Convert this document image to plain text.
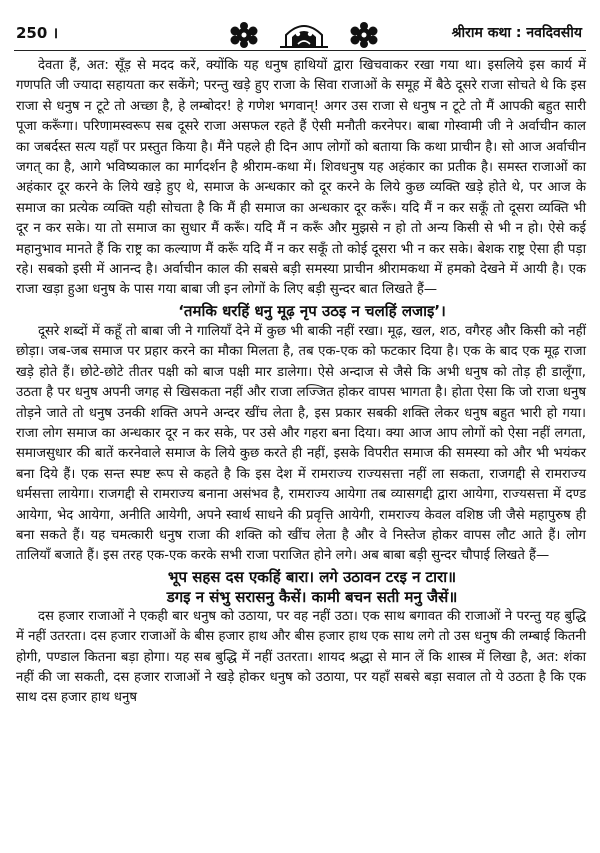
250 ।	श्रीराम कथा : नवदिवसीय

देवता हैं, अत: सूँड़ से मदद करें, क्योंकि यह धनुष हाथियों द्वारा खिचवाकर रखा गया था। इसलिये इस कार्य में गणपति जी ज्यादा सहायता कर सकेंगे; परन्तु खड़े हुए राजा के सिवा राजाओं के समूह में बैठे दूसरे राजा सोचते थे कि इस राजा से धनुष न टूटे तो अच्छा है, हे लम्बोदर! हे गणेश भगवान्! अगर उस राजा से धनुष न टूटे तो मैं आपकी बहुत सारी पूजा करूँगा। परिणामस्वरूप सब दूसरे राजा असफल रहते हैं ऐसी मनौती करनेपर। बाबा गोस्वामी जी ने अर्वाचीन काल का जबर्दस्त सत्य यहाँ पर प्रस्तुत किया है। मैंने पहले ही दिन आप लोगों को बताया कि कथा प्राचीन है। सो आज अर्वाचीन जगत् का है, आगे भविष्यकाल का मार्गदर्शन है श्रीराम-कथा में। शिवधनुष यह अहंकार का प्रतीक है। समस्त राजाओं का अहंकार दूर करने के लिये खड़े हुए थे, समाज के अन्धकार को दूर करने के लिये कुछ व्यक्ति खड़े होते थे, पर आज के समाज का प्रत्येक व्यक्ति यही सोचता है कि मैं ही समाज का अन्धकार दूर करूँ। यदि मैं न कर सकूँ तो दूसरा व्यक्ति भी दूर न कर सके। या तो समाज का सुधार मैं करूँ। यदि मैं न करूँ और मुझसे न हो तो अन्य किसी से भी न हो। ऐसे कई महानुभाव मानते हैं कि राष्ट्र का कल्याण मैं करूँ यदि मैं न कर सकूँ तो कोई दूसरा भी न कर सके। बेशक राष्ट्र ऐसा ही पड़ा रहे। सबको इसी में आनन्द है। अर्वाचीन काल की सबसे बड़ी समस्या प्राचीन श्रीरामकथा में हमको देखने में आयी है। एक राजा खड़ा हुआ धनुष के पास गया बाबा जी इन लोगों के लिए बड़ी सुन्दर बात लिखते हैं—

‘तमकि धरहिं धनु मूढ़ नृप उठइ न चलहिं लजाइ’।

दूसरे शब्दों में कहूँ तो बाबा जी ने गालियाँ देने में कुछ भी बाकी नहीं रखा। मूढ़, खल, शठ, वगैरह और किसी को नहीं छोड़ा। जब-जब समाज पर प्रहार करने का मौका मिलता है, तब एक-एक को फटकार दिया है। एक के बाद एक मूढ़ राजा खड़े होते हैं। छोटे-छोटे तीतर पक्षी को बाज पक्षी मार डालेगा। ऐसे अन्दाज से जैसे कि अभी धनुष को तोड़ ही डालूँगा, उठता है पर धनुष अपनी जगह से खिसकता नहीं और राजा लज्जित होकर वापस भागता है। होता ऐसा कि जो राजा धनुष तोड़ने जाते तो धनुष उनकी शक्ति अपने अन्दर खींच लेता है, इस प्रकार सबकी शक्ति लेकर धनुष बहुत भारी हो गया। राजा लोग समाज का अन्धकार दूर न कर सके, पर उसे और गहरा बना दिया। क्या आज आप लोगों को ऐसा नहीं लगता, समाजसुधार की बातें करनेवाले समाज के लिये कुछ करते ही नहीं, इसके विपरीत समाज की समस्या को और भी भयंकर बना दिये हैं। एक सन्त स्पष्ट रूप से कहते है कि इस देश में रामराज्य राज्यसत्ता नहीं ला सकता, राजगद्दी से रामराज्य धर्मसत्ता लायेगा। राजगद्दी से रामराज्य बनाना असंभव है, रामराज्य आयेगा तब व्यासगद्दी द्वारा आयेगा, राज्यसत्ता में दण्ड आयेगा, भेद आयेगा, अनीति आयेगी, अपने स्वार्थ साधने की प्रवृत्ति आयेगी, रामराज्य केवल वशिष्ठ जी जैसे महापुरुष ही बना सकते हैं। यह चमत्कारी धनुष राजा की शक्ति को खींच लेता है और वे निस्तेज होकर वापस लौट आते हैं। लोग तालियाँ बजाते हैं। इस तरह एक-एक करके सभी राजा पराजित होने लगे। अब बाबा बड़ी सुन्दर चौपाई लिखते हैं—

भूप सहस दस एकहिं बारा। लगे उठावन टरइ न टारा॥

डगइ न संभु सरासनु कैसें। कामी बचन सती मनु जैसें॥

दस हजार राजाओं ने एकही बार धनुष को उठाया, पर वह नहीं उठा। एक साथ बगावत की राजाओं ने परन्तु यह बुद्धि में नहीं उतरता। दस हजार राजाओं के बीस हजार हाथ और बीस हजार हाथ एक साथ लगे तो उस धनुष की लम्बाई कितनी होगी, पण्डाल कितना बड़ा होगा। यह सब बुद्धि में नहीं उतरता। शायद श्रद्धा से मान लें कि शास्त्र में लिखा है, अत: शंका नहीं की जा सकती, दस हजार राजाओं ने खड़े होकर धनुष को उठाया, पर यहाँ सबसे बड़ा सवाल तो ये उठता है कि एक साथ दस हजार हाथ धनुष
